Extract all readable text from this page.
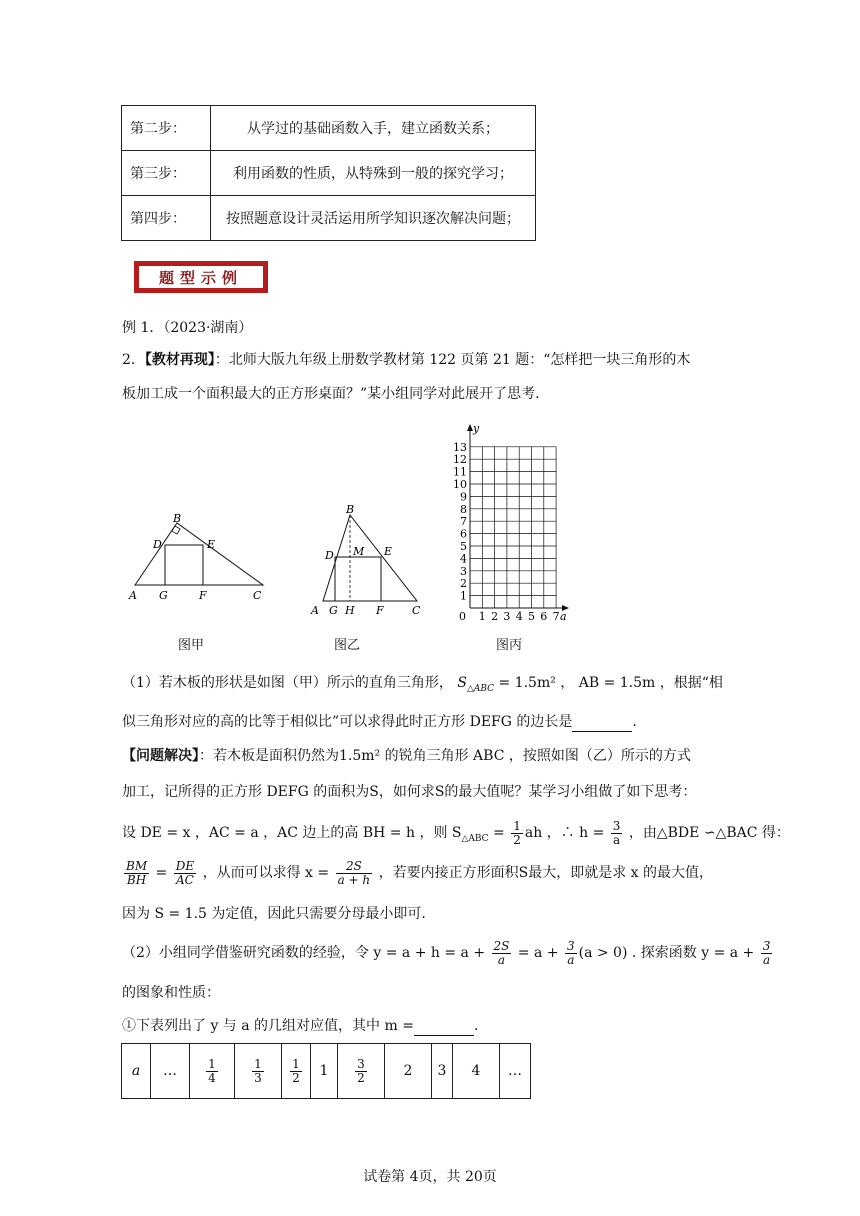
第二步：	从学过的基础函数入手，建立函数关系；
第三步：	利用函数的性质，从特殊到一般的探究学习；
第四步：	按照题意设计灵活运用所学知识逐次解决问题；
题型示例
例 1．（2023·湖南）
2．【教材再现】：北师大版九年级上册数学教材第 122 页第 21 题：“怎样把一块三角形的木
板加工成一个面积最大的正方形桌面？”某小组同学对此展开了思考.
B
D	E
A G	F	C
B
D M E
A G H F	C
1
2
3
4
5
6
7
8
9
10
11
12
13
1 2 3 4 5 6 7
y
a
0
图甲	图乙	图丙
（1）若木板的形状是如图（甲）所示的直角三角形， $S_{\triangle ABC} = 1.5m^2$ ， AB = 1.5m ，根据“相
似三角形对应的高的比等于相似比”可以求得此时正方形 DEFG 的边长是	.
【问题解决】：若木板是面积仍然为1.5m² 的锐角三角形 ABC ，按照如图（乙）所示的方式
加工，记所得的正方形 DEFG 的面积为S，如何求S的最大值呢？某学习小组做了如下思考：
设 DE = x ，AC = a ，AC 边上的高 BH = h ，则 $S_{\triangle ABC} = \frac{1}{2}$ ah ，∴ $h = \frac{3}{a}$ ，由△BDE ∽△BAC 得：
$\frac{BM}{BH} = \frac{DE}{AC}$ ，从而可以求得 $x = \frac{2S}{a + h}$ ，若要内接正方形面积S最大，即就是求 x 的最大值，
因为 S = 1.5 为定值，因此只需要分母最小即可.
（2）小组同学借鉴研究函数的经验，令 $y = a + h = a + \frac{2S}{a} = a + \frac{3}{a} (a > 0)$ . 探索函数 $y = a + \frac{3}{a}$
的图象和性质：
①下表列出了 y 与 a 的几组对应值，其中 m =	.
a	…	$\frac{1}{4}$	$\frac{1}{3}$	$\frac{1}{2}$	1	$\frac{3}{2}$	2	3	4	…
试卷第 4页，共 20页
